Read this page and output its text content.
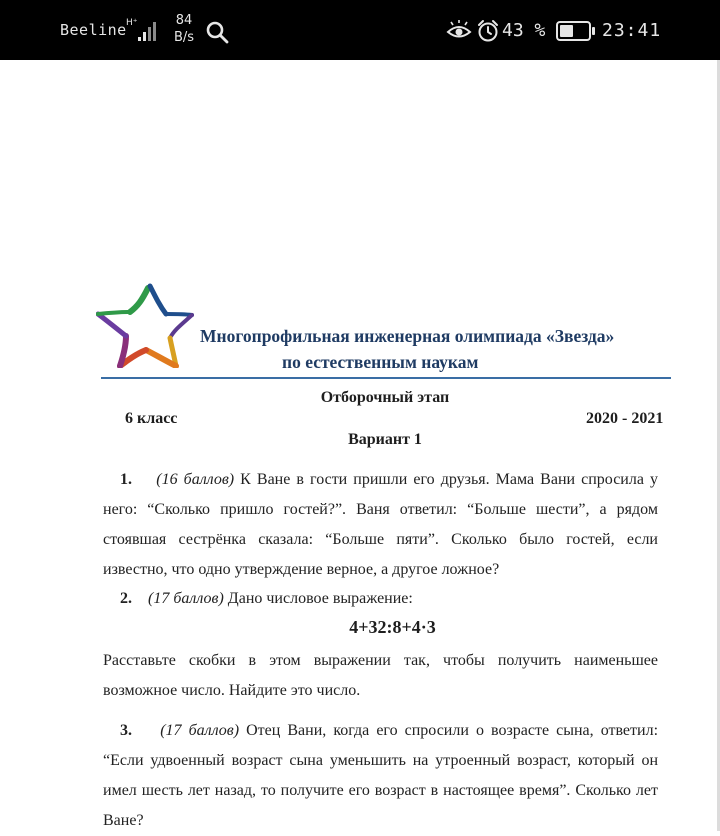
Beeline H⁺	84
B/s	43 %	23:41
Многопрофильная инженерная олимпиада «Звезда»
по естественным наукам
Отборочный этап
6 класс	2020 - 2021
Вариант 1
1. (16 баллов) К Ване в гости пришли его друзья. Мама Вани спросила у него: “Сколько пришло гостей?”. Ваня ответил: “Больше шести”, а рядом стоявшая сестрёнка сказала: “Больше пяти”. Сколько было гостей, если известно, что одно утверждение верное, а другое ложное?
2. (17 баллов) Дано числовое выражение:
4+32:8+4·3
Расставьте скобки в этом выражении так, чтобы получить наименьшее возможное число. Найдите это число.
3. (17 баллов) Отец Вани, когда его спросили о возрасте сына, ответил: “Если удвоенный возраст сына уменьшить на утроенный возраст, который он имел шесть лет назад, то получите его возраст в настоящее время”. Сколько лет Ване?
